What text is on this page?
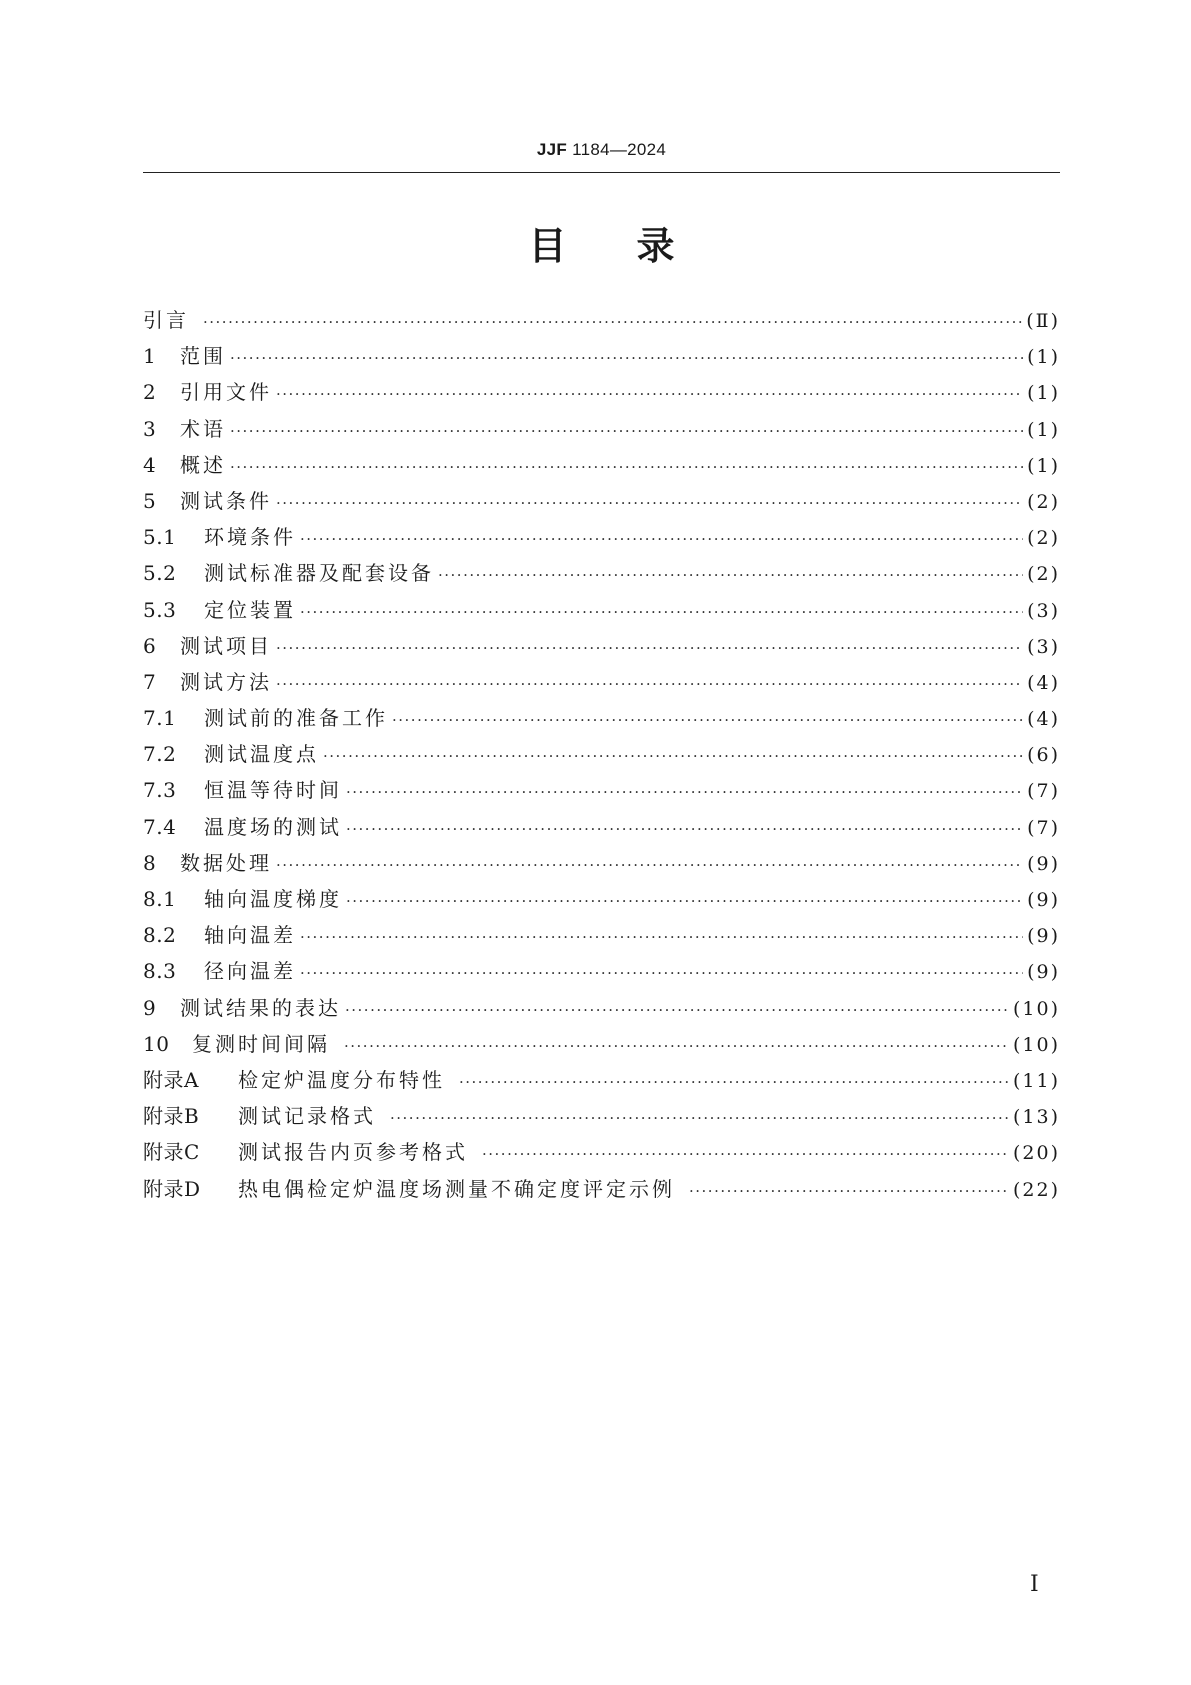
JJF 1184—2024
目录
引言 ·····	(Ⅱ)
1	范围 ·····	(1)
2	引用文件 ·····	(1)
3	术语 ·····	(1)
4	概述 ·····	(1)
5	测试条件 ·····	(2)
5.1	环境条件 ·····	(2)
5.2	测试标准器及配套设备 ·····	(2)
5.3	定位装置 ·····	(3)
6	测试项目 ·····	(3)
7	测试方法 ·····	(4)
7.1	测试前的准备工作 ·····	(4)
7.2	测试温度点 ·····	(6)
7.3	恒温等待时间 ·····	(7)
7.4	温度场的测试 ·····	(7)
8	数据处理 ·····	(9)
8.1	轴向温度梯度 ·····	(9)
8.2	轴向温差 ·····	(9)
8.3	径向温差 ·····	(9)
9	测试结果的表达 ·····	(10)
10	复测时间间隔 ·····	(10)
附录A	检定炉温度分布特性 ·····	(11)
附录B	测试记录格式 ·····	(13)
附录C	测试报告内页参考格式 ·····	(20)
附录D	热电偶检定炉温度场测量不确定度评定示例 ·····	(22)
I
